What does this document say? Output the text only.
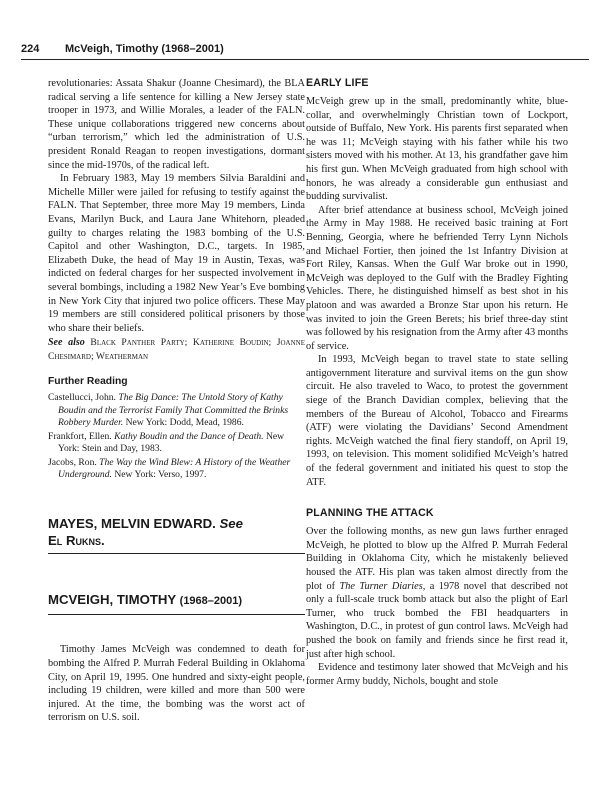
224 McVeigh, Timothy (1968–2001)

revolutionaries: Assata Shakur (Joanne Chesimard), the BLA radical serving a life sentence for killing a New Jersey state trooper in 1973, and Willie Morales, a leader of the FALN. These unique collaborations triggered new concerns about “urban terrorism,” which led the administration of U.S. president Ronald Reagan to reopen investigations, dormant since the mid-1970s, of the radical left.

In February 1983, May 19 members Silvia Baraldini and Michelle Miller were jailed for refusing to testify against the FALN. That September, three more May 19 members, Linda Evans, Marilyn Buck, and Laura Jane Whitehorn, pleaded guilty to charges relating the 1983 bombing of the U.S. Capitol and other Washington, D.C., targets. In 1985, Elizabeth Duke, the head of May 19 in Austin, Texas, was indicted on federal charges for her suspected involvement in several bombings, including a 1982 New Year’s Eve bombing in New York City that injured two police officers. These May 19 members are still considered political prisoners by those who share their beliefs.

See also Black Panther Party; Katherine Boudin; Joanne Chesimard; Weatherman

Further Reading

Castellucci, John. The Big Dance: The Untold Story of Kathy Boudin and the Terrorist Family That Committed the Brinks Robbery Murder. New York: Dodd, Mead, 1986.

Frankfort, Ellen. Kathy Boudin and the Dance of Death. New York: Stein and Day, 1983.

Jacobs, Ron. The Way the Wind Blew: A History of the Weather Underground. New York: Verso, 1997.

MAYES, MELVIN EDWARD. See
El Rukns.
MCVEIGH, TIMOTHY (1968–2001)

Timothy James McVeigh was condemned to death for bombing the Alfred P. Murrah Federal Building in Oklahoma City, on April 19, 1995. One hundred and sixty-eight people, including 19 children, were killed and more than 500 were injured. At the time, the bombing was the worst act of terrorism on U.S. soil.

EARLY LIFE

McVeigh grew up in the small, predominantly white, blue-collar, and overwhelmingly Christian town of Lockport, outside of Buffalo, New York. His parents first separated when he was 11; McVeigh staying with his father while his two sisters moved with his mother. At 13, his grandfather gave him his first gun. When McVeigh graduated from high school with honors, he was already a considerable gun enthusiast and budding survivalist.

After brief attendance at business school, McVeigh joined the Army in May 1988. He received basic training at Fort Benning, Georgia, where he befriended Terry Lynn Nichols and Michael Fortier, then joined the 1st Infantry Division at Fort Riley, Kansas. When the Gulf War broke out in 1990, McVeigh was deployed to the Gulf with the Bradley Fighting Vehicles. There, he distinguished himself as best shot in his platoon and was awarded a Bronze Star upon his return. He was invited to join the Green Berets; his brief three-day stint was followed by his resignation from the Army after 43 months of service.

In 1993, McVeigh began to travel state to state selling antigovernment literature and survival items on the gun show circuit. He also traveled to Waco, to protest the government siege of the Branch Davidian complex, believing that the members of the Bureau of Alcohol, Tobacco and Firearms (ATF) were violating the Davidians’ Second Amendment rights. McVeigh watched the final fiery standoff, on April 19, 1993, on television. This moment solidified McVeigh’s hatred of the federal government and initiated his quest to stop the ATF.

PLANNING THE ATTACK

Over the following months, as new gun laws further enraged McVeigh, he plotted to blow up the Alfred P. Murrah Federal Building in Oklahoma City, which he mistakenly believed housed the ATF. His plan was taken almost directly from the plot of The Turner Diaries, a 1978 novel that described not only a full-scale truck bomb attack but also the plight of Earl Turner, who truck bombed the FBI headquarters in Washington, D.C., in protest of gun control laws. McVeigh had pushed the book on family and friends since he first read it, just after high school.

Evidence and testimony later showed that McVeigh and his former Army buddy, Nichols, bought and stole
